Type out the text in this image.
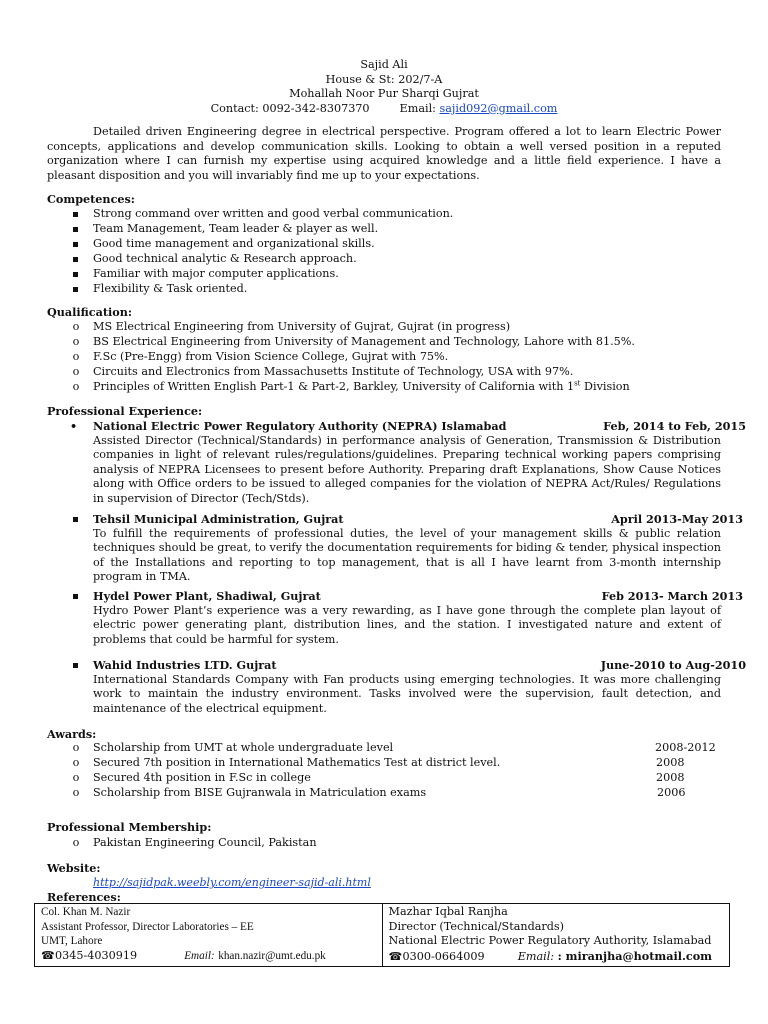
Sajid Ali
House & St: 202/7-A
Mohallah Noor Pur Sharqi Gujrat
Contact: 0092-342-8307370	Email: sajid092@gmail.com
Detailed driven Engineering degree in electrical perspective. Program offered a lot to learn Electric Power concepts, applications and develop communication skills. Looking to obtain a well versed position in a reputed organization where I can furnish my expertise using acquired knowledge and a little field experience. I have a pleasant disposition and you will invariably find me up to your expectations.
Competences:
Strong command over written and good verbal communication.
Team Management, Team leader & player as well.
Good time management and organizational skills.
Good technical analytic & Research approach.
Familiar with major computer applications.
Flexibility & Task oriented.
Qualification:
o MS Electrical Engineering from University of Gujrat, Gujrat (in progress)
o BS Electrical Engineering from University of Management and Technology, Lahore with 81.5%.
o F.Sc (Pre-Engg) from Vision Science College, Gujrat with 75%.
o Circuits and Electronics from Massachusetts Institute of Technology, USA with 97%.
o Principles of Written English Part-1 & Part-2, Barkley, University of California with 1st Division
Professional Experience:
•	National Electric Power Regulatory Authority (NEPRA) Islamabad	Feb, 2014 to Feb, 2015
Assisted Director (Technical/Standards) in performance analysis of Generation, Transmission & Distribution companies in light of relevant rules/regulations/guidelines. Preparing technical working papers comprising analysis of NEPRA Licensees to present before Authority. Preparing draft Explanations, Show Cause Notices along with Office orders to be issued to alleged companies for the violation of NEPRA Act/Rules/ Regulations in supervision of Director (Tech/Stds).
Tehsil Municipal Administration, Gujrat	April 2013-May 2013
To fulfill the requirements of professional duties, the level of your management skills & public relation techniques should be great, to verify the documentation requirements for biding & tender, physical inspection of the Installations and reporting to top management, that is all I have learnt from 3-month internship program in TMA.
Hydel Power Plant, Shadiwal, Gujrat	Feb 2013- March 2013
Hydro Power Plant’s experience was a very rewarding, as I have gone through the complete plan layout of electric power generating plant, distribution lines, and the station. I investigated nature and extent of problems that could be harmful for system.
Wahid Industries LTD. Gujrat	June-2010 to Aug-2010
International Standards Company with Fan products using emerging technologies. It was more challenging work to maintain the industry environment. Tasks involved were the supervision, fault detection, and maintenance of the electrical equipment.
Awards:
o Scholarship from UMT at whole undergraduate level	2008-2012
o Secured 7th position in International Mathematics Test at district level.	2008
o Secured 4th position in F.Sc in college	2008
o Scholarship from BISE Gujranwala in Matriculation exams	2006
Professional Membership:
o Pakistan Engineering Council, Pakistan
Website:
http://sajidpak.weebly.com/engineer-sajid-ali.html
References:
Col. Khan M. Nazir
Assistant Professor, Director Laboratories – EE
UMT, Lahore
☎0345-4030919	Email: khan.nazir@umt.edu.pk

Mazhar Iqbal Ranjha
Director (Technical/Standards)
National Electric Power Regulatory Authority, Islamabad
☎0300-0664009	Email: : miranjha@hotmail.com
